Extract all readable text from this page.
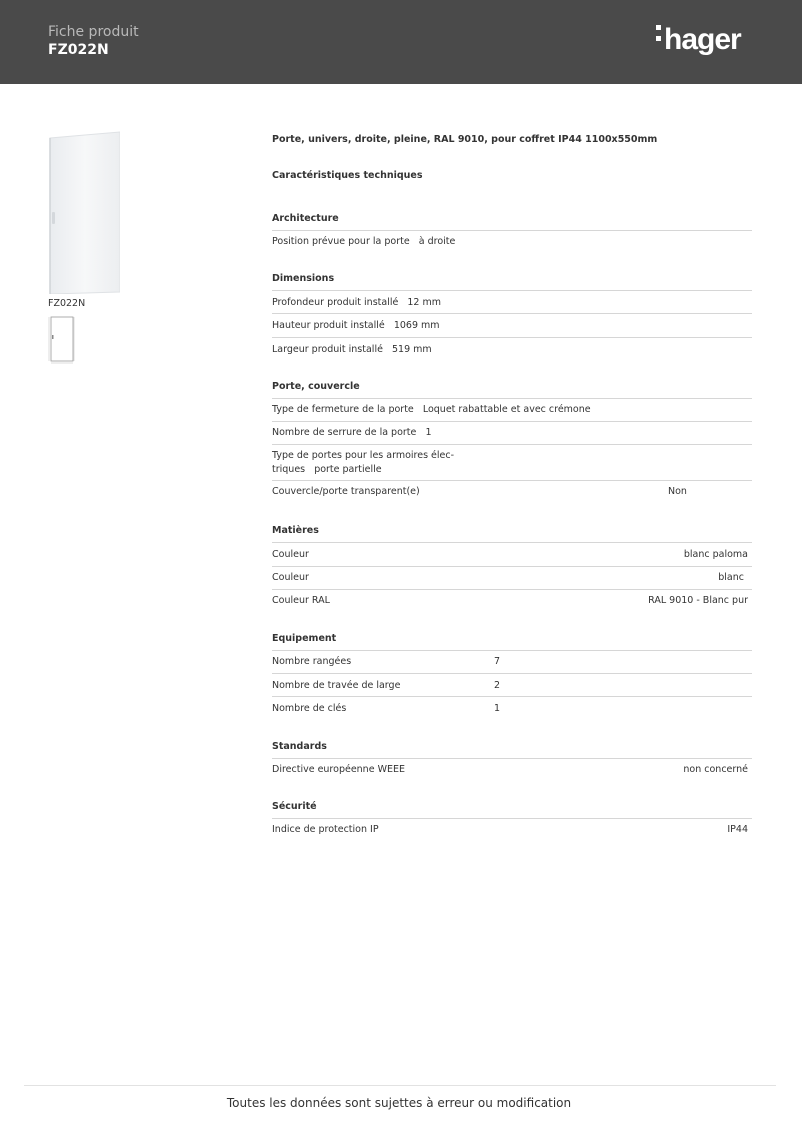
Fiche produit
FZ022N	hager
FZ022N
Porte, univers, droite, pleine, RAL 9010, pour coffret IP44 1100x550mm
Caractéristiques techniques
Architecture
Position prévue pour la porte à droite
Dimensions
Profondeur produit installé 12 mm
Hauteur produit installé 1069 mm
Largeur produit installé 519 mm
Porte, couvercle
Type de fermeture de la porte Loquet rabattable et avec crémone
Nombre de serrure de la porte 1
Type de portes pour les armoires élec-
triques porte partielle
Couvercle/porte transparent(e)	Non
Matières
Couleur	blanc paloma
Couleur	blanc
Couleur RAL	RAL 9010 - Blanc pur
Equipement
Nombre rangées	7
Nombre de travée de large	2
Nombre de clés	1
Standards
Directive européenne WEEE	non concerné
Sécurité
Indice de protection IP	IP44
Toutes les données sont sujettes à erreur ou modification
